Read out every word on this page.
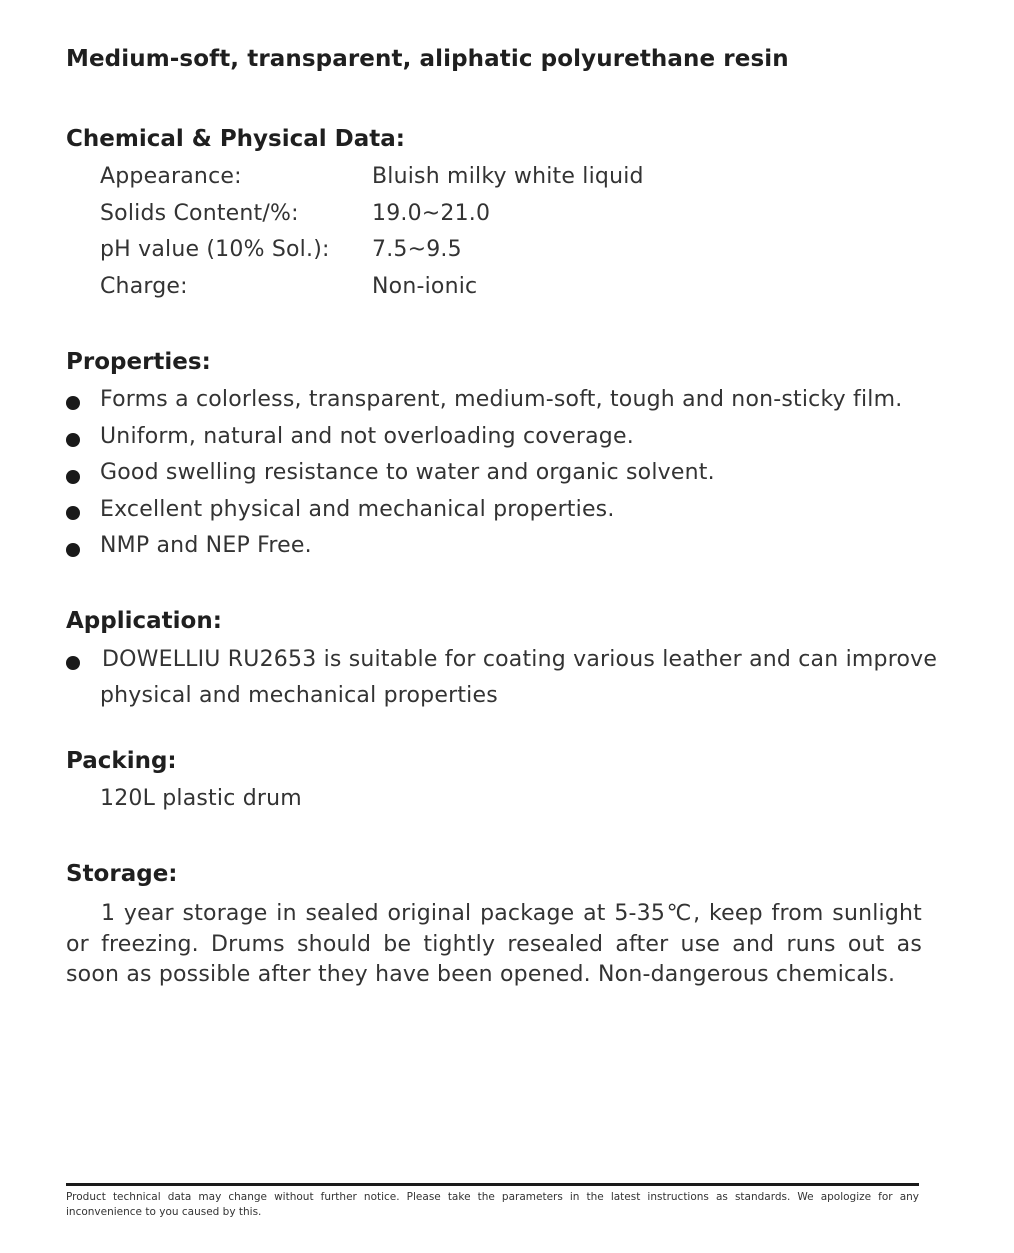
Medium-soft, transparent, aliphatic polyurethane resin
Chemical & Physical Data:
Appearance:	Bluish milky white liquid
Solids Content/%:	19.0~21.0
pH value (10% Sol.): 7.5~9.5
Charge:	Non-ionic
Properties:
Forms a colorless, transparent, medium-soft, tough and non-sticky film.
Uniform, natural and not overloading coverage.
Good swelling resistance to water and organic solvent.
Excellent physical and mechanical properties.
NMP and NEP Free.
Application:
DOWELLIU RU2653 is suitable for coating various leather and can improve
physical and mechanical properties
Packing:
120L plastic drum
Storage:
1 year storage in sealed original package at 5-35℃, keep from sunlight or freezing. Drums should be tightly resealed after use and runs out as soon as possible after they have been opened. Non-dangerous chemicals.
Product technical data may change without further notice. Please take the parameters in the latest instructions as standards. We apologize for any inconvenience to you caused by this.
